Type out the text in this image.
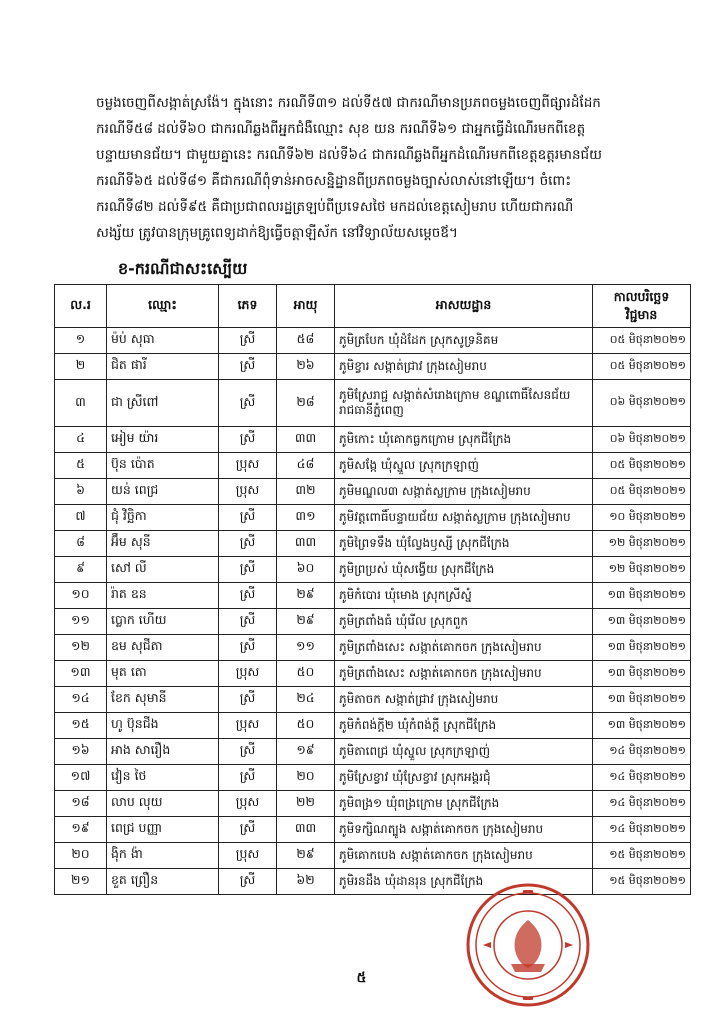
ចម្លងចេញពីសង្កាត់ស្រង៉ែ។ ក្នុងនោះ ករណីទី៣១ ដល់ទី៥៧ ជាករណីមានប្រភពចម្លងចេញពីផ្សារដំដែក

ករណីទី៥៨ ដល់ទី៦០ ជាករណីឆ្លងពីអ្នកជំងឺឈ្មោះ សុខ យន ករណីទី៦១ ជាអ្នកធ្វើដំណើរមកពីខេត្ត

បន្ទាយមានជ័យ។ ជាមួយគ្នានេះ ករណីទី៦២ ដល់ទី៦៤ ជាករណីឆ្លងពីអ្នកដំណើរមកពីខេត្តឧត្តរមានជ័យ

ករណីទី៦៥ ដល់ទី៨១ គឺជាករណីពុំទាន់អាចសន្និដ្ឋានពីប្រភពចម្លងច្បាស់លាស់នៅឡើយ។ ចំពោះ

ករណីទី៨២ ដល់ទី៩៥ គឺជាប្រជាពលរដ្ឋត្រឡប់ពីប្រទេសថៃ មកដល់ខេត្តសៀមរាប ហើយជាករណី

សង្ស័យ ត្រូវបានក្រុមគ្រូពេទ្យដាក់ឱ្យធ្វើចត្តាឡីស័ក នៅវិទ្យាល័យសម្តេចឪ។

ខ-ករណីជាសះស្បើយ
ល.រ	ឈ្មោះ	ភេទ	អាយុ	អាសយដ្ឋាន	កាលបរិច្ឆេទ វិជ្ជមាន
១	ម៉ប់ សុធា	ស្រី	៥៨	ភូមិត្របែក ឃុំដំដែក ស្រុកសូទ្រនិគម	០៥ មិថុនា២០២១
២	ជិត ផារី	ស្រី	២៦	ភូមិខ្វារ សង្កាត់ជ្រាវ ក្រុងសៀមរាប	០៥ មិថុនា២០២១
៣	ជា ស្រីពៅ	ស្រី	២៨	ភូមិស្រែរាជ្ជ សង្កាត់សំរោងក្រោម ខណ្ឌពោធិ៍សែនជ័យ រាជធានីភ្នំពេញ	០៦ មិថុនា២០២១
៤	អៀម យ៉ារ	ស្រី	៣៣	ភូមិកោះ ឃុំគោកធ្លកក្រោម ស្រុកជីក្រែង	០៦ មិថុនា២០២១
៥	ប៊ុន ប៉ោត	ប្រុស	៤៨	ភូមិសង្កែ ឃុំស្នួល ស្រុកក្រឡាញ់	០៥ មិថុនា២០២១
៦	យន់ ពេជ្រ	ប្រុស	៣២	ភូមិមណ្ឌល៣ សង្កាត់ស្លក្រាម ក្រុងសៀមរាប	០៥ មិថុនា២០២១
៧	ជុំ វិច្ឆិកា	ស្រី	៣១	ភូមិវត្តពោធិ៍បន្ទាយជ័យ សង្កាត់ស្លក្រាម ក្រុងសៀមរាប	១០ មិថុនា២០២១
៨	អ៊ឹម សុនី	ស្រី	៣៣	ភូមិព្រៃទទឹង ឃុំល្វែងឫស្សី ស្រុកជីក្រែង	១២ មិថុនា២០២១
៩	សៅ លី	ស្រី	៦០	ភូមិព្រប្រស់ ឃុំសង្វើយ ស្រុកជីក្រែង	១២ មិថុនា២០២១
១០	រ៉ាត ឧន	ស្រី	២៩	ភូមិកំបោរ ឃុំមោង ស្រុកស្រីស្នំ	១៣ មិថុនា២០២១
១១	ប្លោក ហើយ	ស្រី	២៩	ភូមិត្រពាំងធំ ឃុំរើល ស្រុកពួក	១៣ មិថុនា២០២១
១២	ឧម សុជីតា	ស្រី	១១	ភូមិត្រពាំងសេះ សង្កាត់គោកចក ក្រុងសៀមរាប	១៣ មិថុនា២០២១
១៣	មុត តោ	ប្រុស	៥០	ភូមិត្រពាំងសេះ សង្កាត់គោកចក ក្រុងសៀមរាប	១៣ មិថុនា២០២១
១៤	ខែក សុមានី	ស្រី	២៤	ភូមិតាចក សង្កាត់ជ្រាវ ក្រុងសៀមរាប	១៣ មិថុនា២០២១
១៥	ហូ ប៊ុនជីង	ប្រុស	៥០	ភូមិកំពង់ក្តី២ ឃុំកំពង់ក្តី ស្រុកជីក្រែង	១៣ មិថុនា២០២១
១៦	អាង សារឿង	ស្រី	១៩	ភូមិតាពេជ្រ ឃុំស្នួល ស្រុកក្រឡាញ់	១៤ មិថុនា២០២១
១៧	វៀន ថៃ	ស្រី	២០	ភូមិស្រែខ្វាវ ឃុំស្រែខ្វាវ ស្រុកអង្គរជុំ	១៤ មិថុនា២០២១
១៨	លាប លុយ	ប្រុស	២២	ភូមិពង្រ១ ឃុំពង្រក្រោម ស្រុកជីក្រែង	១៤ មិថុនា២០២១
១៩	ពេជ្រ បញ្ញា	ស្រី	៣៣	ភូមិទក្សិណត្បូង សង្កាត់គោកចក ក្រុងសៀមរាប	១៤ មិថុនា២០២១
២០	ង៉ិក ង៉ា	ប្រុស	២៩	ភូមិគោកបេង សង្កាត់គោកចក ក្រុងសៀមរាប	១៥ មិថុនា២០២១
២១	ខួត ព្រឿន	ស្រី	៦២	ភូមិរនដឹង ឃុំដានរុន ស្រុកជីក្រែង	១៥ មិថុនា២០២១
៥
